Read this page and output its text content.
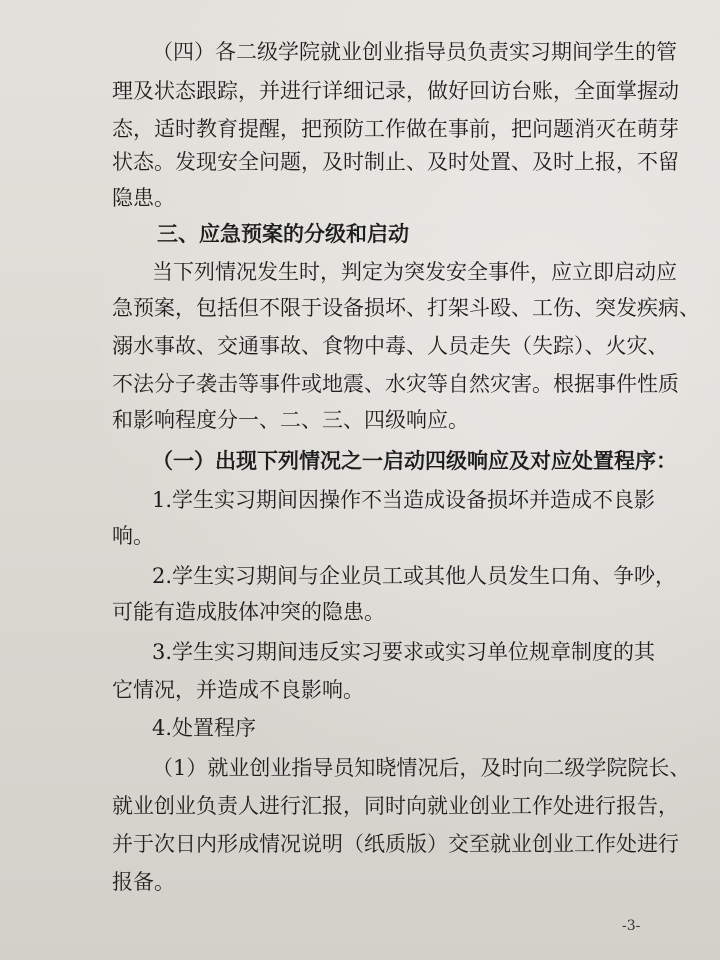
（四）各二级学院就业创业指导员负责实习期间学生的管
理及状态跟踪，并进行详细记录，做好回访台账，全面掌握动
态，适时教育提醒，把预防工作做在事前，把问题消灭在萌芽
状态。发现安全问题，及时制止、及时处置、及时上报，不留
隐患。
三、应急预案的分级和启动
当下列情况发生时，判定为突发安全事件，应立即启动应
急预案，包括但不限于设备损坏、打架斗殴、工伤、突发疾病、
溺水事故、交通事故、食物中毒、人员走失（失踪）、火灾、
不法分子袭击等事件或地震、水灾等自然灾害。根据事件性质
和影响程度分一、二、三、四级响应。
（一）出现下列情况之一启动四级响应及对应处置程序：
1.学生实习期间因操作不当造成设备损坏并造成不良影
响。
2.学生实习期间与企业员工或其他人员发生口角、争吵，
可能有造成肢体冲突的隐患。
3.学生实习期间违反实习要求或实习单位规章制度的其
它情况，并造成不良影响。
4.处置程序
（1）就业创业指导员知晓情况后，及时向二级学院院长、
就业创业负责人进行汇报，同时向就业创业工作处进行报告，
并于次日内形成情况说明（纸质版）交至就业创业工作处进行
报备。
-3-
